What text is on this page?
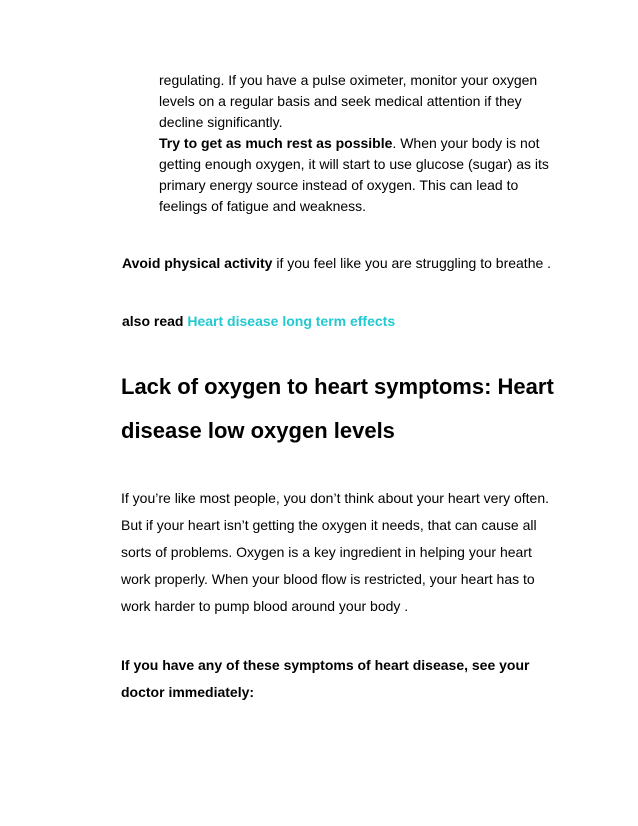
regulating. If you have a pulse oximeter, monitor your oxygen
levels on a regular basis and seek medical attention if they
decline significantly.

Try to get as much rest as possible. When your body is not
getting enough oxygen, it will start to use glucose (sugar) as its
primary energy source instead of oxygen. This can lead to
feelings of fatigue and weakness.

Avoid physical activity if you feel like you are struggling to breathe .

also read Heart disease long term effects

Lack of oxygen to heart symptoms: Heart
disease low oxygen levels

If you’re like most people, you don’t think about your heart very often.
But if your heart isn’t getting the oxygen it needs, that can cause all
sorts of problems. Oxygen is a key ingredient in helping your heart
work properly. When your blood flow is restricted, your heart has to
work harder to pump blood around your body .

If you have any of these symptoms of heart disease, see your
doctor immediately:
